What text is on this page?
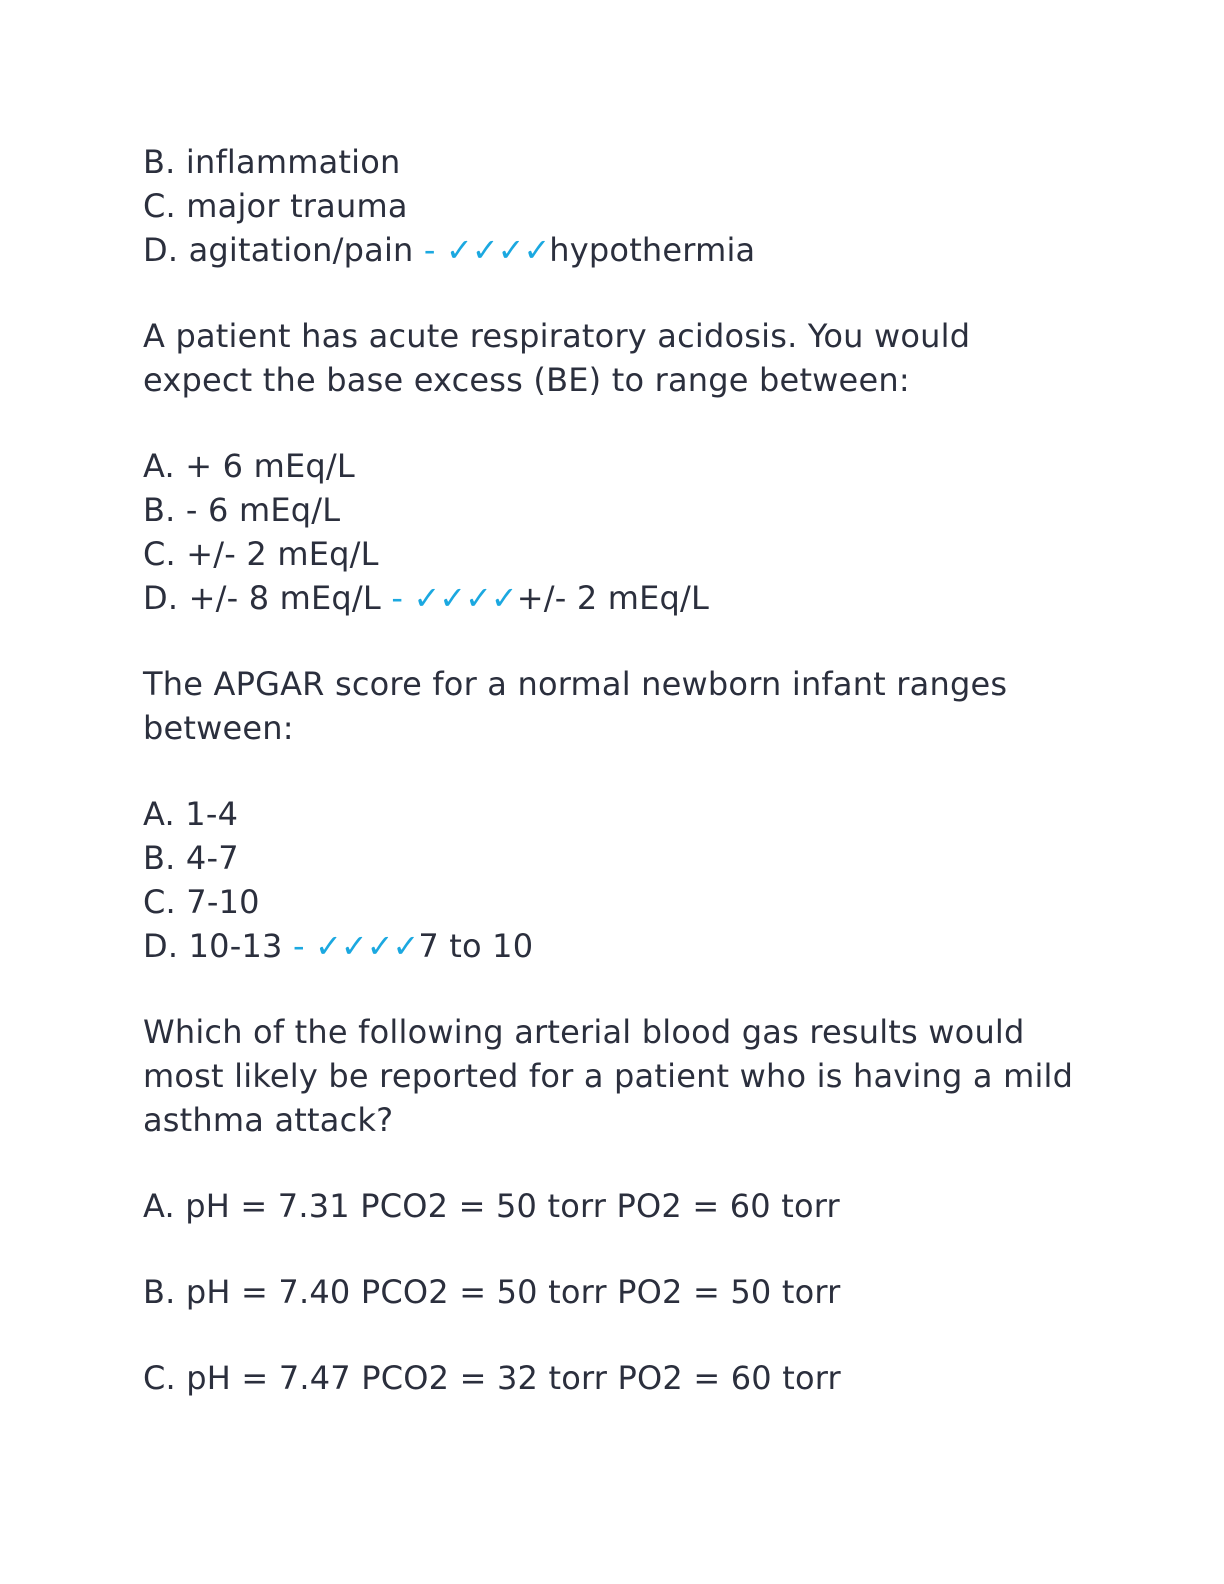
B. inflammation
C. major trauma
D. agitation/pain - ✓✓✓✓hypothermia
A patient has acute respiratory acidosis. You would
expect the base excess (BE) to range between:
A. + 6 mEq/L
B. - 6 mEq/L
C. +/- 2 mEq/L
D. +/- 8 mEq/L - ✓✓✓✓+/- 2 mEq/L
The APGAR score for a normal newborn infant ranges
between:
A. 1-4
B. 4-7
C. 7-10
D. 10-13 - ✓✓✓✓7 to 10
Which of the following arterial blood gas results would
most likely be reported for a patient who is having a mild
asthma attack?
A. pH = 7.31 PCO2 = 50 torr PO2 = 60 torr
B. pH = 7.40 PCO2 = 50 torr PO2 = 50 torr
C. pH = 7.47 PCO2 = 32 torr PO2 = 60 torr
